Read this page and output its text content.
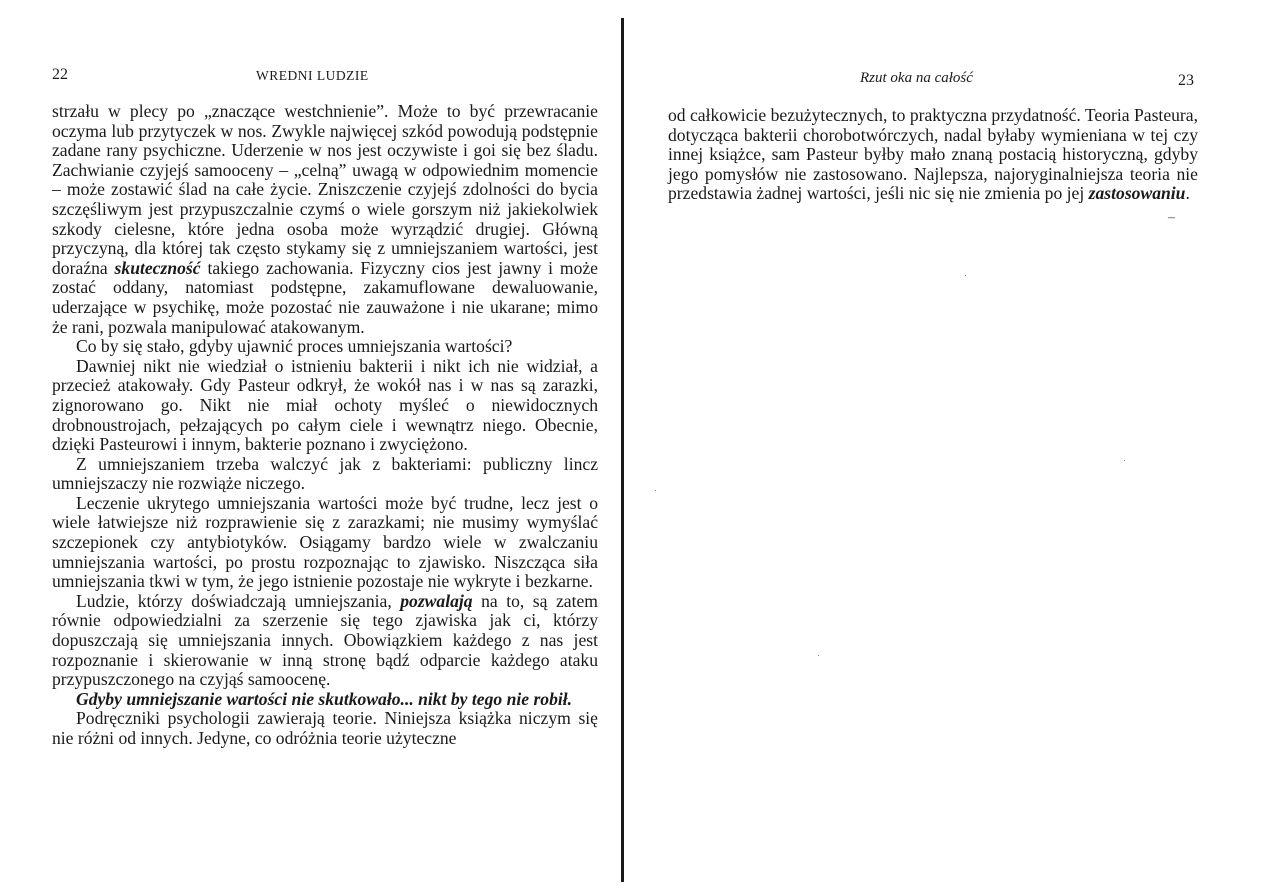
22	WREDNI LUDZIE

strzału w plecy po „znaczące westchnienie”. Może to być przewracanie oczyma lub przytyczek w nos. Zwykle najwięcej szkód powodują podstępnie zadane rany psychiczne. Uderzenie w nos jest oczywiste i goi się bez śladu. Zachwianie czyjejś samooceny – „celną” uwagą w odpowiednim momencie – może zostawić ślad na całe życie. Zniszczenie czyjejś zdolności do bycia szczęśliwym jest przypuszczalnie czymś o wiele gorszym niż jakiekolwiek szkody cielesne, które jedna osoba może wyrządzić drugiej. Główną przyczyną, dla której tak często stykamy się z umniejszaniem wartości, jest doraźna skuteczność takiego zachowania. Fizyczny cios jest jawny i może zostać oddany, natomiast podstępne, zakamuflowane dewaluowanie, uderzające w psychikę, może pozostać nie zauważone i nie ukarane; mimo że rani, pozwala manipulować atakowanym.

Co by się stało, gdyby ujawnić proces umniejszania wartości?

Dawniej nikt nie wiedział o istnieniu bakterii i nikt ich nie widział, a przecież atakowały. Gdy Pasteur odkrył, że wokół nas i w nas są zarazki, zignorowano go. Nikt nie miał ochoty myśleć o niewidocznych drobnoustrojach, pełzających po całym ciele i wewnątrz niego. Obecnie, dzięki Pasteurowi i innym, bakterie poznano i zwyciężono.

Z umniejszaniem trzeba walczyć jak z bakteriami: publiczny lincz umniejszaczy nie rozwiąże niczego.

Leczenie ukrytego umniejszania wartości może być trudne, lecz jest o wiele łatwiejsze niż rozprawienie się z zarazkami; nie musimy wymyślać szczepionek czy antybiotyków. Osiągamy bardzo wiele w zwalczaniu umniejszania wartości, po prostu rozpoznając to zjawisko. Niszcząca siła umniejszania tkwi w tym, że jego istnienie pozostaje nie wykryte i bezkarne.

Ludzie, którzy doświadczają umniejszania, pozwalają na to, są zatem równie odpowiedzialni za szerzenie się tego zjawiska jak ci, którzy dopuszczają się umniejszania innych. Obowiązkiem każdego z nas jest rozpoznanie i skierowanie w inną stronę bądź odparcie każdego ataku przypuszczonego na czyjąś samoocenę.

Gdyby umniejszanie wartości nie skutkowało... nikt by tego nie robił.

Podręczniki psychologii zawierają teorie. Niniejsza książka niczym się nie różni od innych. Jedyne, co odróżnia teorie użyteczne

Rzut oka na całość	23

od całkowicie bezużytecznych, to praktyczna przydatność. Teoria Pasteura, dotycząca bakterii chorobotwórczych, nadal byłaby wymieniana w tej czy innej książce, sam Pasteur byłby mało znaną postacią historyczną, gdyby jego pomysłów nie zastosowano. Najlepsza, najoryginalniejsza teoria nie przedstawia żadnej wartości, jeśli nic się nie zmienia po jej zastosowaniu.

–
